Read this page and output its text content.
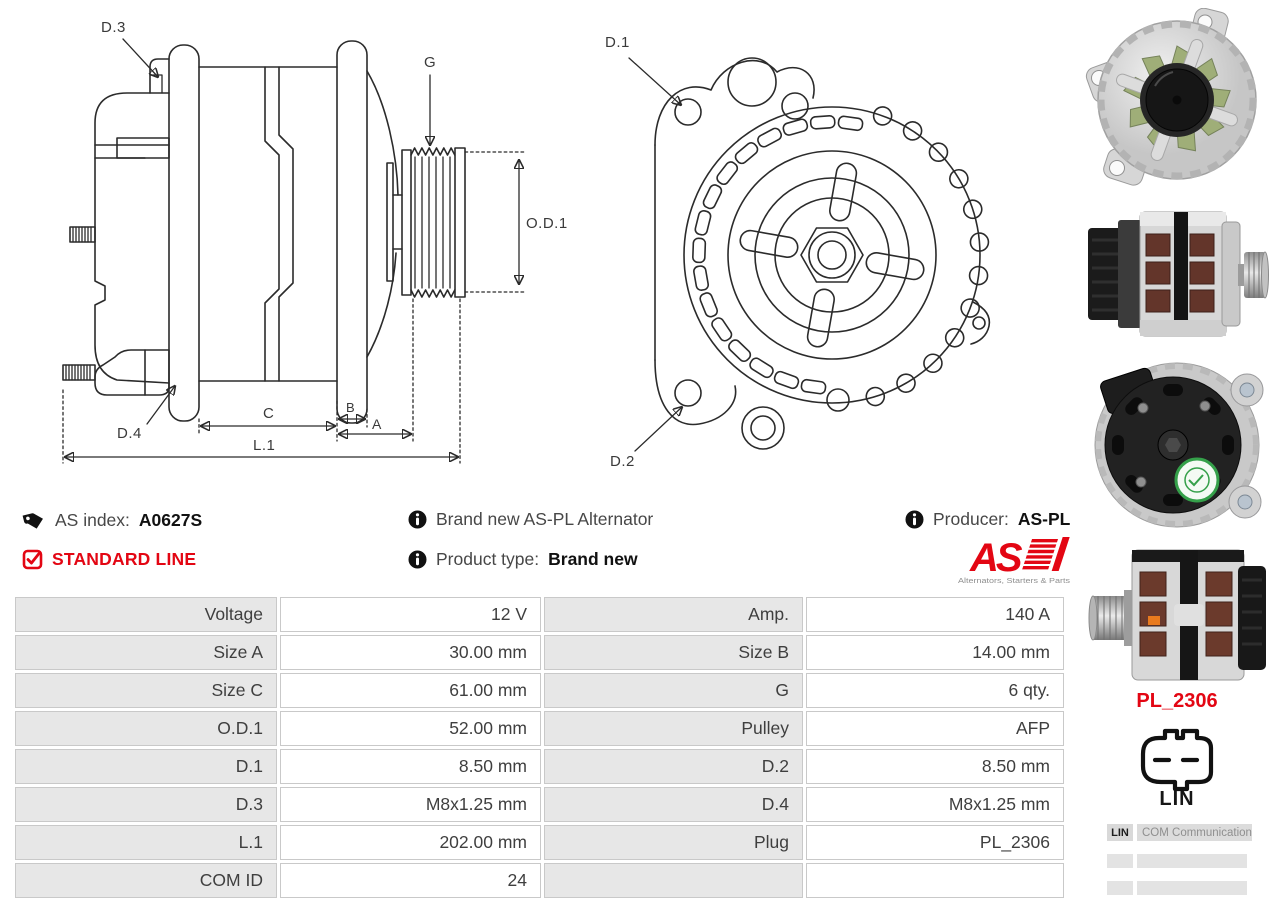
D.3
G
D.4
O.D.1
C	B
A
L.1
D.1
D.2
AS index: A0627S
STANDARD LINE
Brand new AS-PL Alternator
Product type: Brand new
Producer: AS-PL
AS
Alternators, Starters & Parts
Voltage	12 V	Amp.	140 A
Size A	30.00 mm	Size B	14.00 mm
Size C	61.00 mm	G	6 qty.
O.D.1	52.00 mm	Pulley	AFP
D.1	8.50 mm	D.2	8.50 mm
D.3	M8x1.25 mm	D.4	M8x1.25 mm
L.1	202.00 mm	Plug	PL_2306
COM ID	24
PL_2306
LIN
LIN	COM Communication
